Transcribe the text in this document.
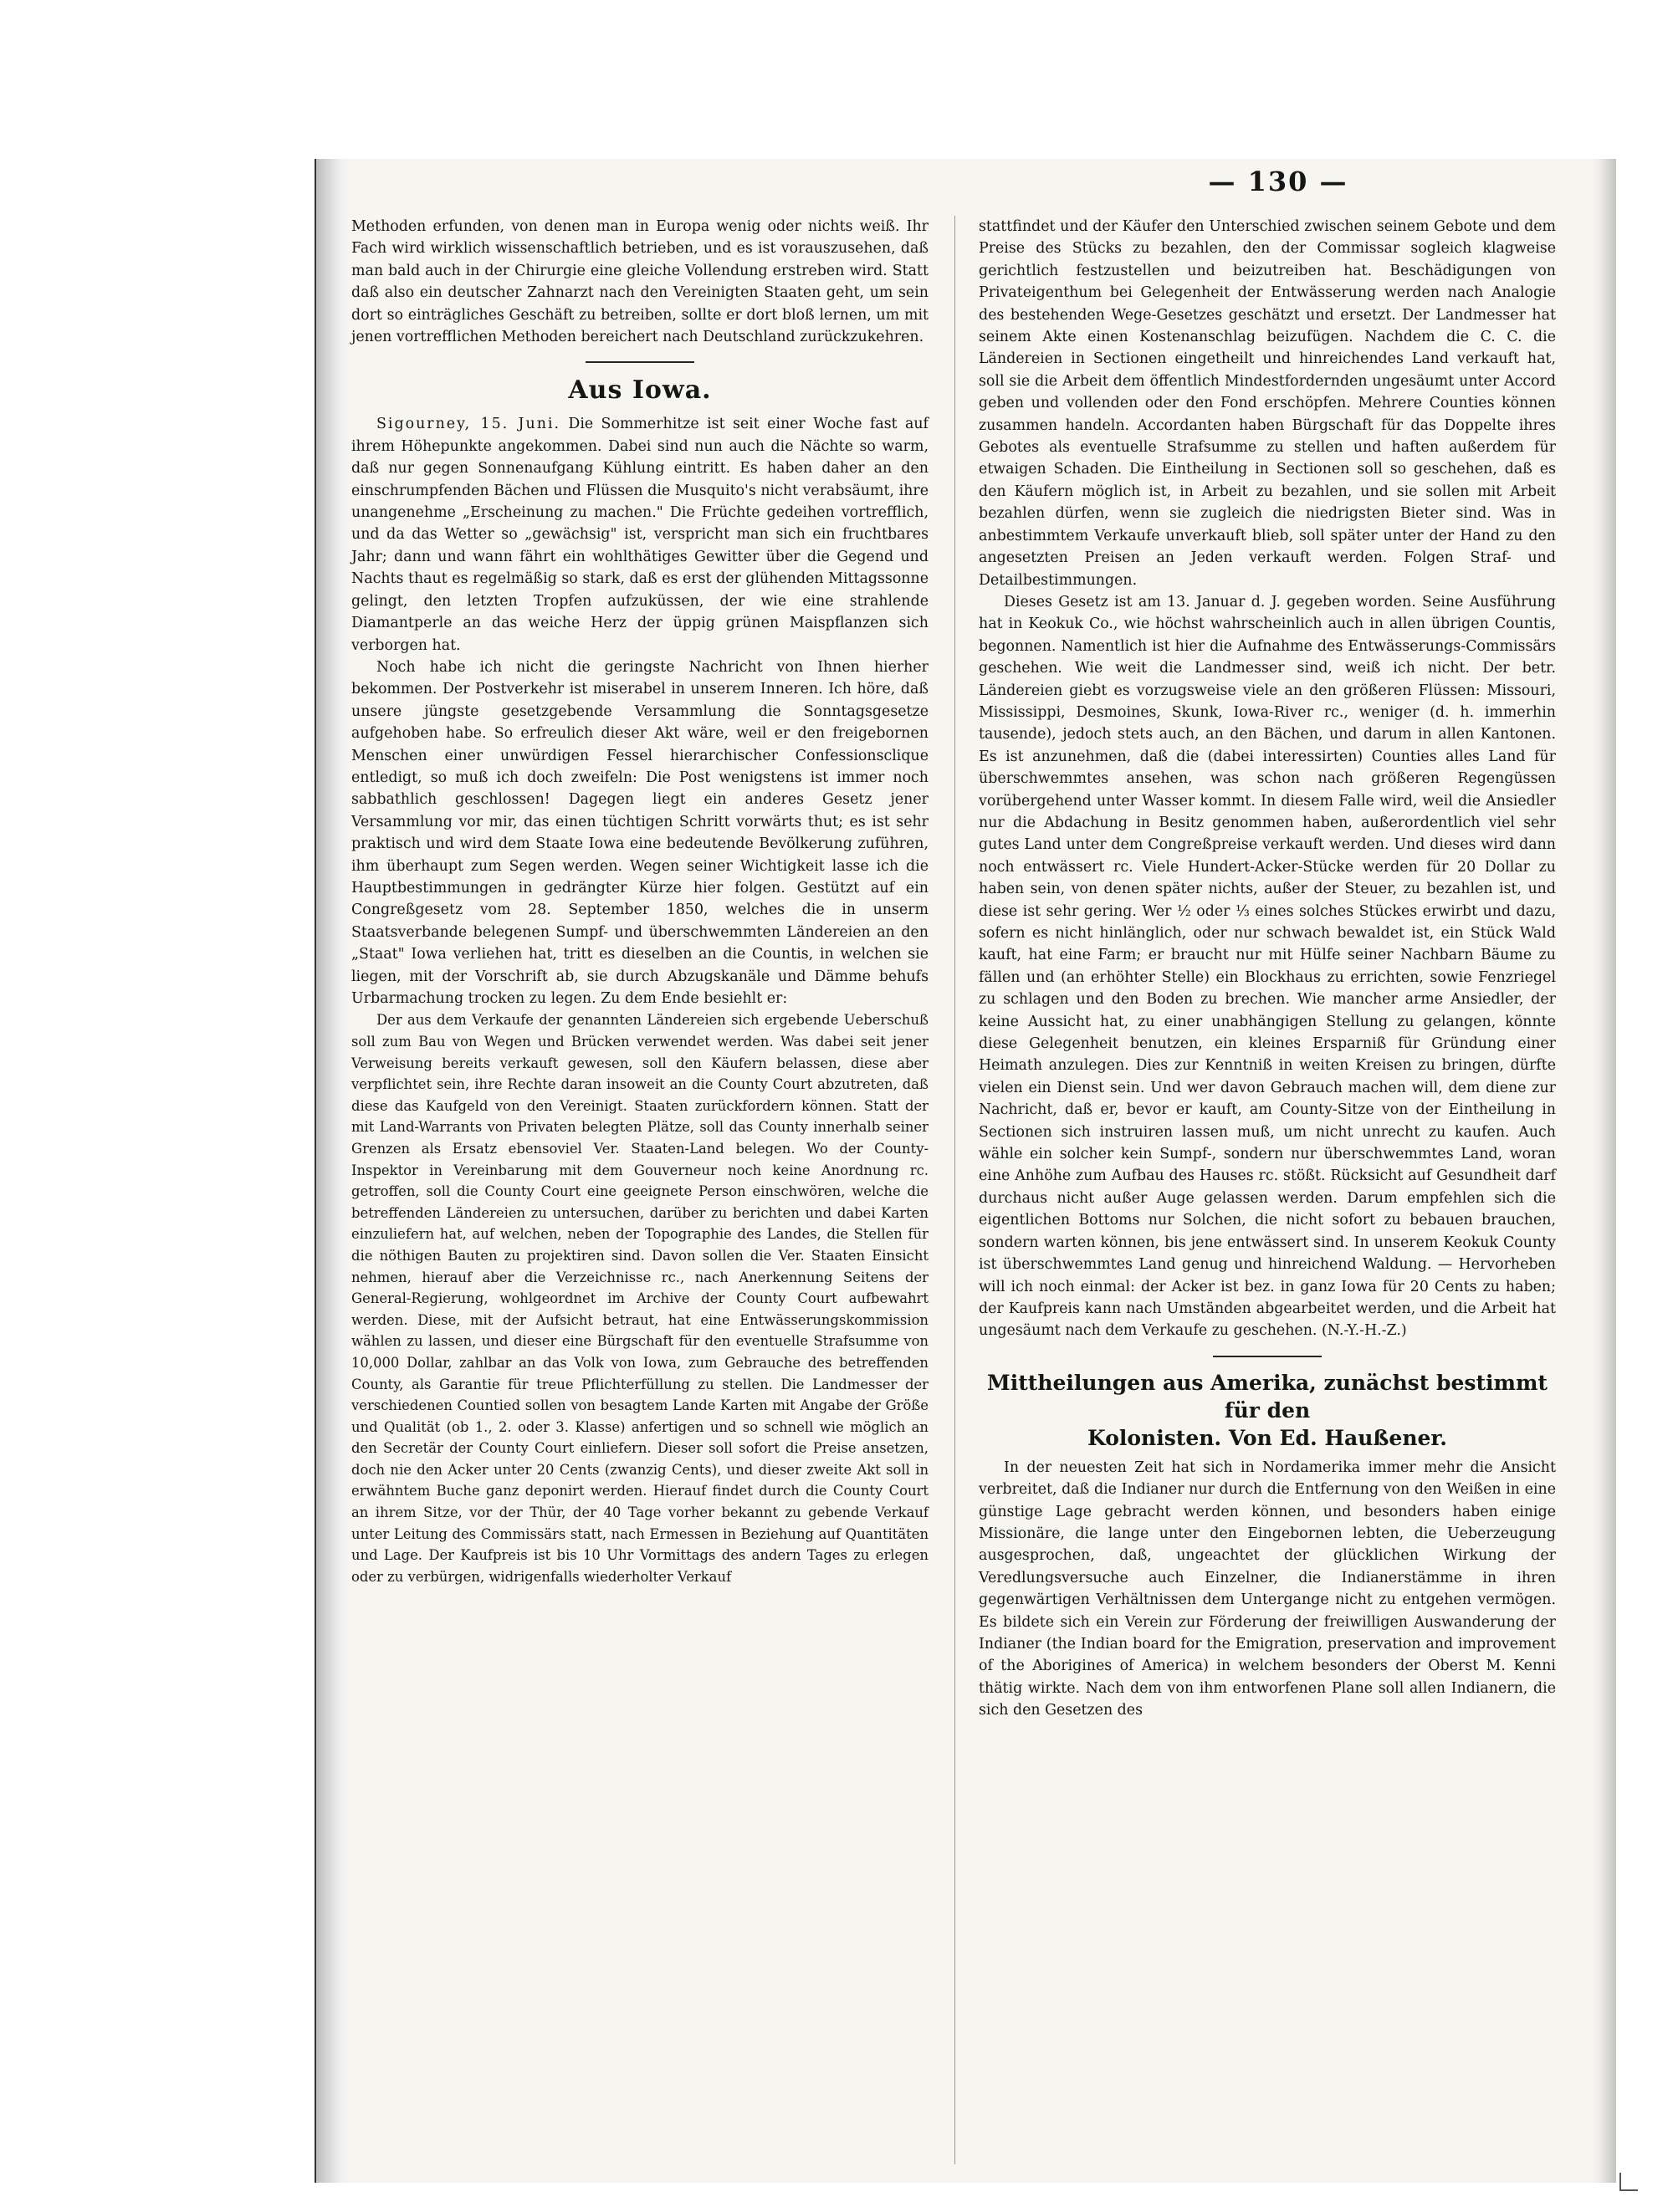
— 130 —

Methoden erfunden, von denen man in Europa wenig oder nichts weiß. Ihr Fach wird wirklich wissenschaftlich betrieben, und es ist vorauszusehen, daß man bald auch in der Chirurgie eine gleiche Vollendung erstreben wird. Statt daß also ein deutscher Zahnarzt nach den Vereinigten Staaten geht, um sein dort so einträgliches Geschäft zu betreiben, sollte er dort bloß lernen, um mit jenen vortrefflichen Methoden bereichert nach Deutschland zurückzukehren.

Aus Iowa.

Sigourney, 15. Juni. Die Sommerhitze ist seit einer Woche fast auf ihrem Höhepunkte angekommen. Dabei sind nun auch die Nächte so warm, daß nur gegen Sonnenaufgang Kühlung eintritt. Es haben daher an den einschrumpfenden Bächen und Flüssen die Musquito's nicht verabsäumt, ihre unangenehme „Erscheinung zu machen." Die Früchte gedeihen vortrefflich, und da das Wetter so „gewächsig" ist, verspricht man sich ein fruchtbares Jahr; dann und wann fährt ein wohlthätiges Gewitter über die Gegend und Nachts thaut es regelmäßig so stark, daß es erst der glühenden Mittagssonne gelingt, den letzten Tropfen aufzuküssen, der wie eine strahlende Diamantperle an das weiche Herz der üppig grünen Maispflanzen sich verborgen hat.

Noch habe ich nicht die geringste Nachricht von Ihnen hierher bekommen. Der Postverkehr ist miserabel in unserem Inneren. Ich höre, daß unsere jüngste gesetzgebende Versammlung die Sonntagsgesetze aufgehoben habe. So erfreulich dieser Akt wäre, weil er den freigebornen Menschen einer unwürdigen Fessel hierarchischer Confessionsclique entledigt, so muß ich doch zweifeln: Die Post wenigstens ist immer noch sabbathlich geschlossen! Dagegen liegt ein anderes Gesetz jener Versammlung vor mir, das einen tüchtigen Schritt vorwärts thut; es ist sehr praktisch und wird dem Staate Iowa eine bedeutende Bevölkerung zuführen, ihm überhaupt zum Segen werden. Wegen seiner Wichtigkeit lasse ich die Hauptbestimmungen in gedrängter Kürze hier folgen. Gestützt auf ein Congreßgesetz vom 28. September 1850, welches die in unserm Staatsverbande belegenen Sumpf- und überschwemmten Ländereien an den „Staat" Iowa verliehen hat, tritt es dieselben an die Countis, in welchen sie liegen, mit der Vorschrift ab, sie durch Abzugskanäle und Dämme behufs Urbarmachung trocken zu legen. Zu dem Ende besiehlt er:

Der aus dem Verkaufe der genannten Ländereien sich ergebende Ueberschuß soll zum Bau von Wegen und Brücken verwendet werden. Was dabei seit jener Verweisung bereits verkauft gewesen, soll den Käufern belassen, diese aber verpflichtet sein, ihre Rechte daran insoweit an die County Court abzutreten, daß diese das Kaufgeld von den Vereinigt. Staaten zurückfordern können. Statt der mit Land-Warrants von Privaten belegten Plätze, soll das County innerhalb seiner Grenzen als Ersatz ebensoviel Ver. Staaten-Land belegen. Wo der County-Inspektor in Vereinbarung mit dem Gouverneur noch keine Anordnung rc. getroffen, soll die County Court eine geeignete Person einschwören, welche die betreffenden Ländereien zu untersuchen, darüber zu berichten und dabei Karten einzuliefern hat, auf welchen, neben der Topographie des Landes, die Stellen für die nöthigen Bauten zu projektiren sind. Davon sollen die Ver. Staaten Einsicht nehmen, hierauf aber die Verzeichnisse rc., nach Anerkennung Seitens der General-Regierung, wohlgeordnet im Archive der County Court aufbewahrt werden. Diese, mit der Aufsicht betraut, hat eine Entwässerungskommission wählen zu lassen, und dieser eine Bürgschaft für den eventuelle Strafsumme von 10,000 Dollar, zahlbar an das Volk von Iowa, zum Gebrauche des betreffenden County, als Garantie für treue Pflichterfüllung zu stellen. Die Landmesser der verschiedenen Countied sollen von besagtem Lande Karten mit Angabe der Größe und Qualität (ob 1., 2. oder 3. Klasse) anfertigen und so schnell wie möglich an den Secretär der County Court einliefern. Dieser soll sofort die Preise ansetzen, doch nie den Acker unter 20 Cents (zwanzig Cents), und dieser zweite Akt soll in erwähntem Buche ganz deponirt werden. Hierauf findet durch die County Court an ihrem Sitze, vor der Thür, der 40 Tage vorher bekannt zu gebende Verkauf unter Leitung des Commissärs statt, nach Ermessen in Beziehung auf Quantitäten und Lage. Der Kaufpreis ist bis 10 Uhr Vormittags des andern Tages zu erlegen oder zu verbürgen, widrigenfalls wiederholter Verkauf

stattfindet und der Käufer den Unterschied zwischen seinem Gebote und dem Preise des Stücks zu bezahlen, den der Commissar sogleich klagweise gerichtlich festzustellen und beizutreiben hat. Beschädigungen von Privateigenthum bei Gelegenheit der Entwässerung werden nach Analogie des bestehenden Wege-Gesetzes geschätzt und ersetzt. Der Landmesser hat seinem Akte einen Kostenanschlag beizufügen. Nachdem die C. C. die Ländereien in Sectionen eingetheilt und hinreichendes Land verkauft hat, soll sie die Arbeit dem öffentlich Mindestfordernden ungesäumt unter Accord geben und vollenden oder den Fond erschöpfen. Mehrere Counties können zusammen handeln. Accordanten haben Bürgschaft für das Doppelte ihres Gebotes als eventuelle Strafsumme zu stellen und haften außerdem für etwaigen Schaden. Die Eintheilung in Sectionen soll so geschehen, daß es den Käufern möglich ist, in Arbeit zu bezahlen, und sie sollen mit Arbeit bezahlen dürfen, wenn sie zugleich die niedrigsten Bieter sind. Was in anbestimmtem Verkaufe unverkauft blieb, soll später unter der Hand zu den angesetzten Preisen an Jeden verkauft werden. Folgen Straf- und Detailbestimmungen.

Dieses Gesetz ist am 13. Januar d. J. gegeben worden. Seine Ausführung hat in Keokuk Co., wie höchst wahrscheinlich auch in allen übrigen Countis, begonnen. Namentlich ist hier die Aufnahme des Entwässerungs-Commissärs geschehen. Wie weit die Landmesser sind, weiß ich nicht. Der betr. Ländereien giebt es vorzugsweise viele an den größeren Flüssen: Missouri, Mississippi, Desmoines, Skunk, Iowa-River rc., weniger (d. h. immerhin tausende), jedoch stets auch, an den Bächen, und darum in allen Kantonen. Es ist anzunehmen, daß die (dabei interessirten) Counties alles Land für überschwemmtes ansehen, was schon nach größeren Regengüssen vorübergehend unter Wasser kommt. In diesem Falle wird, weil die Ansiedler nur die Abdachung in Besitz genommen haben, außerordentlich viel sehr gutes Land unter dem Congreßpreise verkauft werden. Und dieses wird dann noch entwässert rc. Viele Hundert-Acker-Stücke werden für 20 Dollar zu haben sein, von denen später nichts, außer der Steuer, zu bezahlen ist, und diese ist sehr gering. Wer ½ oder ⅓ eines solches Stückes erwirbt und dazu, sofern es nicht hinlänglich, oder nur schwach bewaldet ist, ein Stück Wald kauft, hat eine Farm; er braucht nur mit Hülfe seiner Nachbarn Bäume zu fällen und (an erhöhter Stelle) ein Blockhaus zu errichten, sowie Fenzriegel zu schlagen und den Boden zu brechen. Wie mancher arme Ansiedler, der keine Aussicht hat, zu einer unabhängigen Stellung zu gelangen, könnte diese Gelegenheit benutzen, ein kleines Ersparniß für Gründung einer Heimath anzulegen. Dies zur Kenntniß in weiten Kreisen zu bringen, dürfte vielen ein Dienst sein. Und wer davon Gebrauch machen will, dem diene zur Nachricht, daß er, bevor er kauft, am County-Sitze von der Eintheilung in Sectionen sich instruiren lassen muß, um nicht unrecht zu kaufen. Auch wähle ein solcher kein Sumpf-, sondern nur überschwemmtes Land, woran eine Anhöhe zum Aufbau des Hauses rc. stößt. Rücksicht auf Gesundheit darf durchaus nicht außer Auge gelassen werden. Darum empfehlen sich die eigentlichen Bottoms nur Solchen, die nicht sofort zu bebauen brauchen, sondern warten können, bis jene entwässert sind. In unserem Keokuk County ist überschwemmtes Land genug und hinreichend Waldung. — Hervorheben will ich noch einmal: der Acker ist bez. in ganz Iowa für 20 Cents zu haben; der Kaufpreis kann nach Umständen abgearbeitet werden, und die Arbeit hat ungesäumt nach dem Verkaufe zu geschehen. (N.-Y.-H.-Z.)

Mittheilungen aus Amerika, zunächst bestimmt für den
Kolonisten. Von Ed. Haußener.

In der neuesten Zeit hat sich in Nordamerika immer mehr die Ansicht verbreitet, daß die Indianer nur durch die Entfernung von den Weißen in eine günstige Lage gebracht werden können, und besonders haben einige Missionäre, die lange unter den Eingebornen lebten, die Ueberzeugung ausgesprochen, daß, ungeachtet der glücklichen Wirkung der Veredlungsversuche auch Einzelner, die Indianerstämme in ihren gegenwärtigen Verhältnissen dem Untergange nicht zu entgehen vermögen. Es bildete sich ein Verein zur Förderung der freiwilligen Auswanderung der Indianer (the Indian board for the Emigration, preservation and improvement of the Aborigines of America) in welchem besonders der Oberst M. Kenni thätig wirkte. Nach dem von ihm entworfenen Plane soll allen Indianern, die sich den Gesetzen des
